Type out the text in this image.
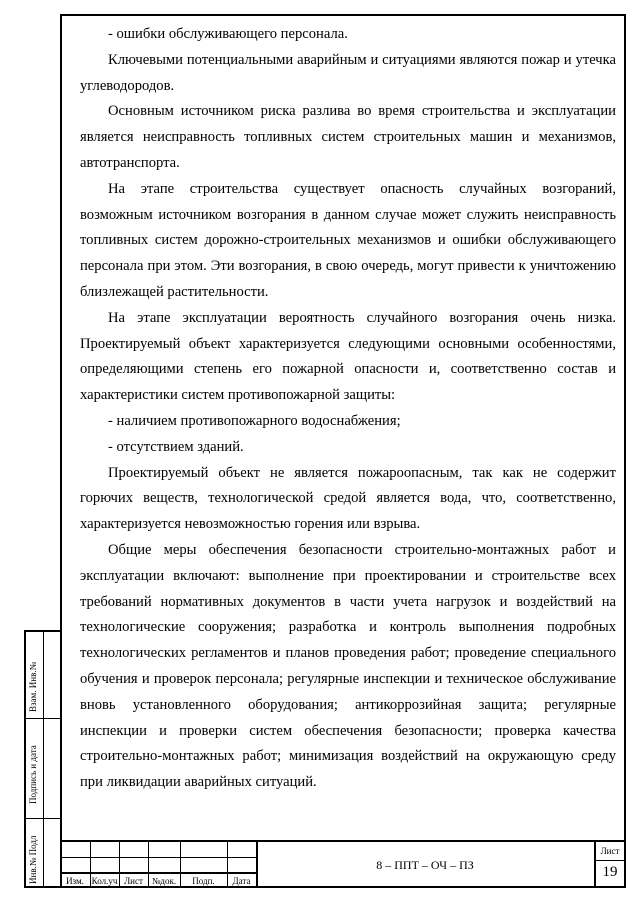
Взам. Инв.№
Подпись и дата
Инв.№ Подл

- ошибки обслуживающего персонала.

Ключевыми потенциальными аварийным и ситуациями являются пожар и утечка углеводородов.

Основным источником риска разлива во время строительства и эксплуатации является неисправность топливных систем строительных машин и механизмов, автотранспорта.

На этапе строительства существует опасность случайных возгораний, возможным источником возгорания в данном случае может служить неисправность топливных систем дорожно-строительных механизмов и ошибки обслуживающего персонала при этом. Эти возгорания, в свою очередь, могут привести к уничтожению близлежащей растительности.

На этапе эксплуатации вероятность случайного возгорания очень низка. Проектируемый объект характеризуется следующими основными особенностями, определяющими степень его пожарной опасности и, соответственно состав и характеристики систем противопожарной защиты:

- наличием противопожарного водоснабжения;

- отсутствием зданий.

Проектируемый объект не является пожароопасным, так как не содержит горючих веществ, технологической средой является вода, что, соответственно, характеризуется невозможностью горения или взрыва.

Общие меры обеспечения безопасности строительно-монтажных работ и эксплуатации включают: выполнение при проектировании и строительстве всех требований нормативных документов в части учета нагрузок и воздействий на технологические сооружения; разработка и контроль выполнения подробных технологических регламентов и планов проведения работ; проведение специального обучения и проверок персонала; регулярные инспекции и техническое обслуживание вновь установленного оборудования; антикоррозийная защита; регулярные инспекции и проверки систем обеспечения безопасности; проверка качества строительно-монтажных работ; минимизация воздействий на окружающую среду при ликвидации аварийных ситуаций.

Изм. Кол.уч Лист №док.	Подп.	Дата
8 – ППТ – ОЧ – ПЗ
Лист
19
